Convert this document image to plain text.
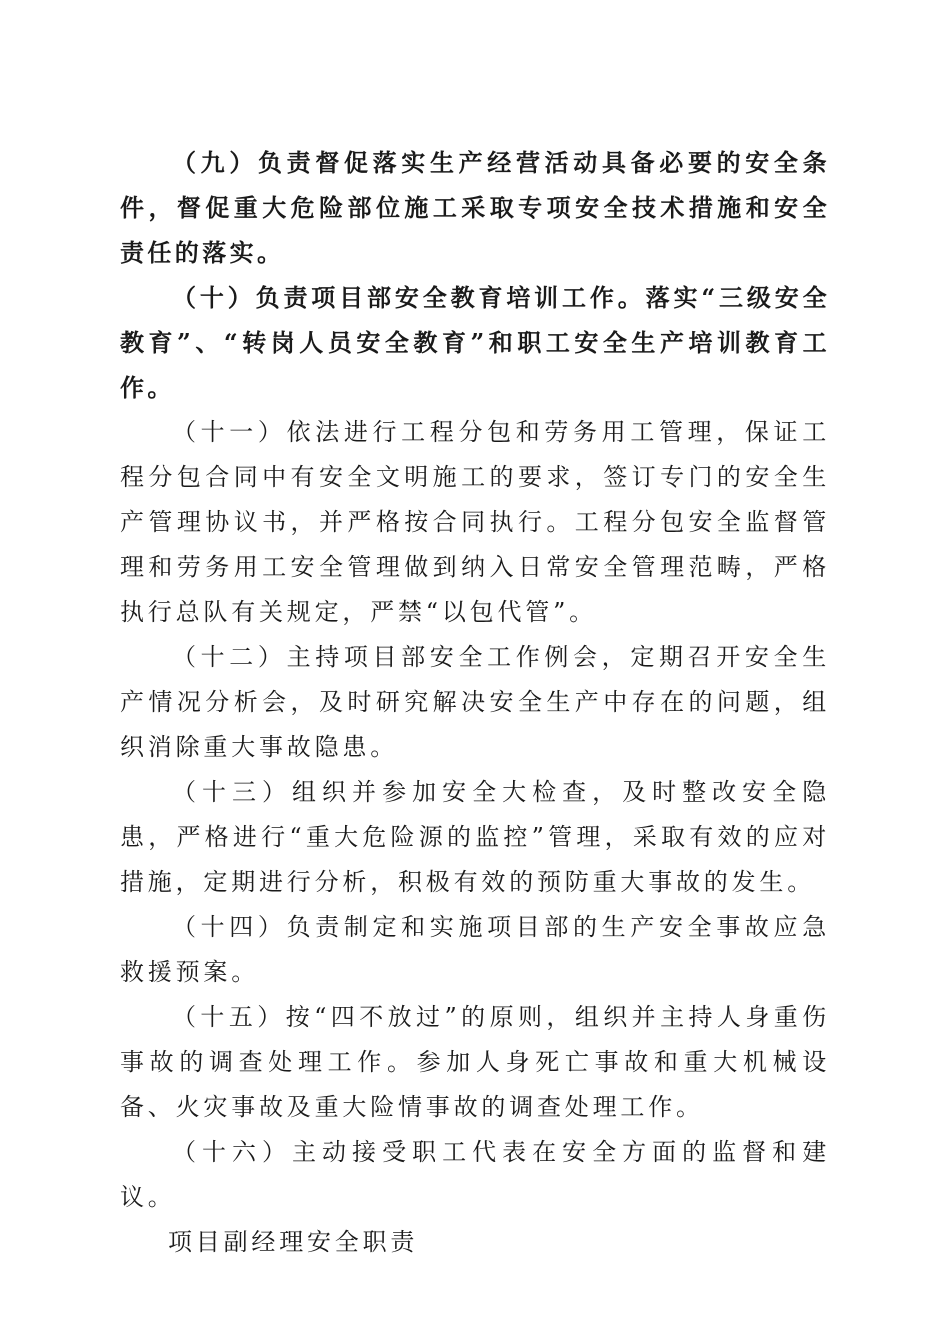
（九）负责督促落实生产经营活动具备必要的安全条件，督促重大危险部位施工采取专项安全技术措施和安全责任的落实。

（十）负责项目部安全教育培训工作。落实“三级安全教育”、“转岗人员安全教育”和职工安全生产培训教育工作。

（十一）依法进行工程分包和劳务用工管理，保证工程分包合同中有安全文明施工的要求，签订专门的安全生产管理协议书，并严格按合同执行。工程分包安全监督管理和劳务用工安全管理做到纳入日常安全管理范畴，严格执行总队有关规定，严禁“以包代管”。

（十二）主持项目部安全工作例会，定期召开安全生产情况分析会，及时研究解决安全生产中存在的问题，组织消除重大事故隐患。

（十三）组织并参加安全大检查，及时整改安全隐患，严格进行“重大危险源的监控”管理，采取有效的应对措施，定期进行分析，积极有效的预防重大事故的发生。

（十四）负责制定和实施项目部的生产安全事故应急救援预案。

（十五）按“四不放过”的原则，组织并主持人身重伤事故的调查处理工作。参加人身死亡事故和重大机械设备、火灾事故及重大险情事故的调查处理工作。

（十六）主动接受职工代表在安全方面的监督和建议。

项目副经理安全职责
